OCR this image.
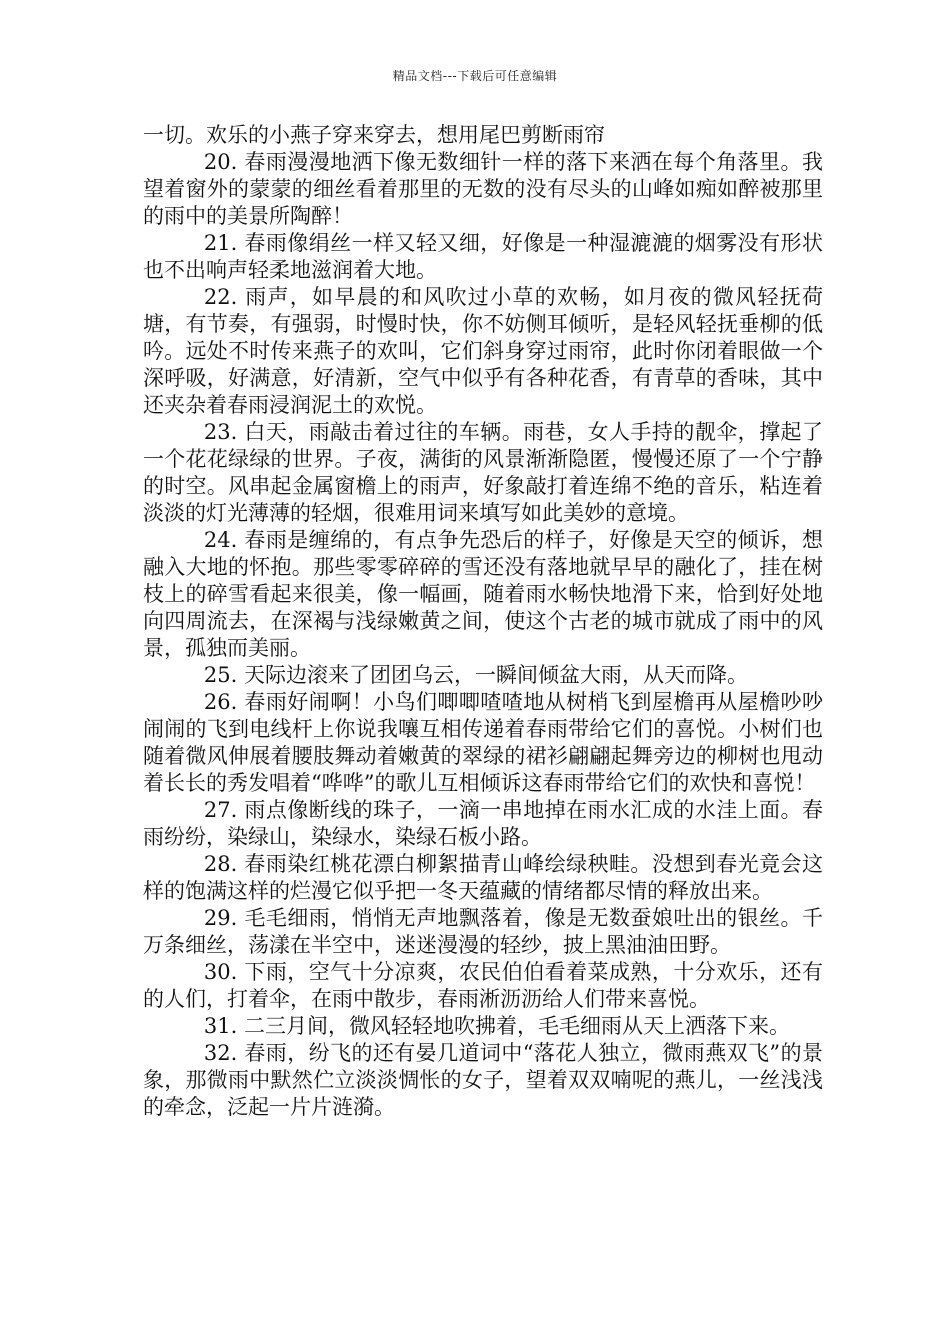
精品文档---下载后可任意编辑

一切。欢乐的小燕子穿来穿去，想用尾巴剪断雨帘

20. 春雨漫漫地洒下像无数细针一样的落下来洒在每个角落里。我望着窗外的蒙蒙的细丝看着那里的无数的没有尽头的山峰如痴如醉被那里的雨中的美景所陶醉！

21. 春雨像绢丝一样又轻又细，好像是一种湿漉漉的烟雾没有形状也不出响声轻柔地滋润着大地。

22. 雨声，如早晨的和风吹过小草的欢畅，如月夜的微风轻抚荷塘，有节奏，有强弱，时慢时快，你不妨侧耳倾听，是轻风轻抚垂柳的低吟。远处不时传来燕子的欢叫，它们斜身穿过雨帘，此时你闭着眼做一个深呼吸，好满意，好清新，空气中似乎有各种花香，有青草的香味，其中还夹杂着春雨浸润泥土的欢悦。

23. 白天，雨敲击着过往的车辆。雨巷，女人手持的靓伞，撑起了一个花花绿绿的世界。子夜，满街的风景渐渐隐匿，慢慢还原了一个宁静的时空。风串起金属窗檐上的雨声，好象敲打着连绵不绝的音乐，粘连着淡淡的灯光薄薄的轻烟，很难用词来填写如此美妙的意境。

24. 春雨是缠绵的，有点争先恐后的样子，好像是天空的倾诉，想融入大地的怀抱。那些零零碎碎的雪还没有落地就早早的融化了，挂在树枝上的碎雪看起来很美，像一幅画，随着雨水畅快地滑下来，恰到好处地向四周流去，在深褐与浅绿嫩黄之间，使这个古老的城市就成了雨中的风景，孤独而美丽。

25. 天际边滚来了团团乌云，一瞬间倾盆大雨，从天而降。

26. 春雨好闹啊！小鸟们唧唧喳喳地从树梢飞到屋檐再从屋檐吵吵闹闹的飞到电线杆上你说我嚷互相传递着春雨带给它们的喜悦。小树们也随着微风伸展着腰肢舞动着嫩黄的翠绿的裙衫翩翩起舞旁边的柳树也甩动着长长的秀发唱着“哗哗”的歌儿互相倾诉这春雨带给它们的欢快和喜悦！

27. 雨点像断线的珠子，一滴一串地掉在雨水汇成的水洼上面。春雨纷纷，染绿山，染绿水，染绿石板小路。

28. 春雨染红桃花漂白柳絮描青山峰绘绿秧畦。没想到春光竟会这样的饱满这样的烂漫它似乎把一冬天蕴藏的情绪都尽情的释放出来。

29. 毛毛细雨，悄悄无声地飘落着，像是无数蚕娘吐出的银丝。千万条细丝，荡漾在半空中，迷迷漫漫的轻纱，披上黑油油田野。

30. 下雨，空气十分凉爽，农民伯伯看着菜成熟，十分欢乐，还有的人们，打着伞，在雨中散步，春雨淅沥沥给人们带来喜悦。

31. 二三月间，微风轻轻地吹拂着，毛毛细雨从天上洒落下来。

32. 春雨，纷飞的还有晏几道词中“落花人独立，微雨燕双飞”的景象，那微雨中默然伫立淡淡惆怅的女子，望着双双喃呢的燕儿，一丝浅浅的牵念，泛起一片片涟漪。
